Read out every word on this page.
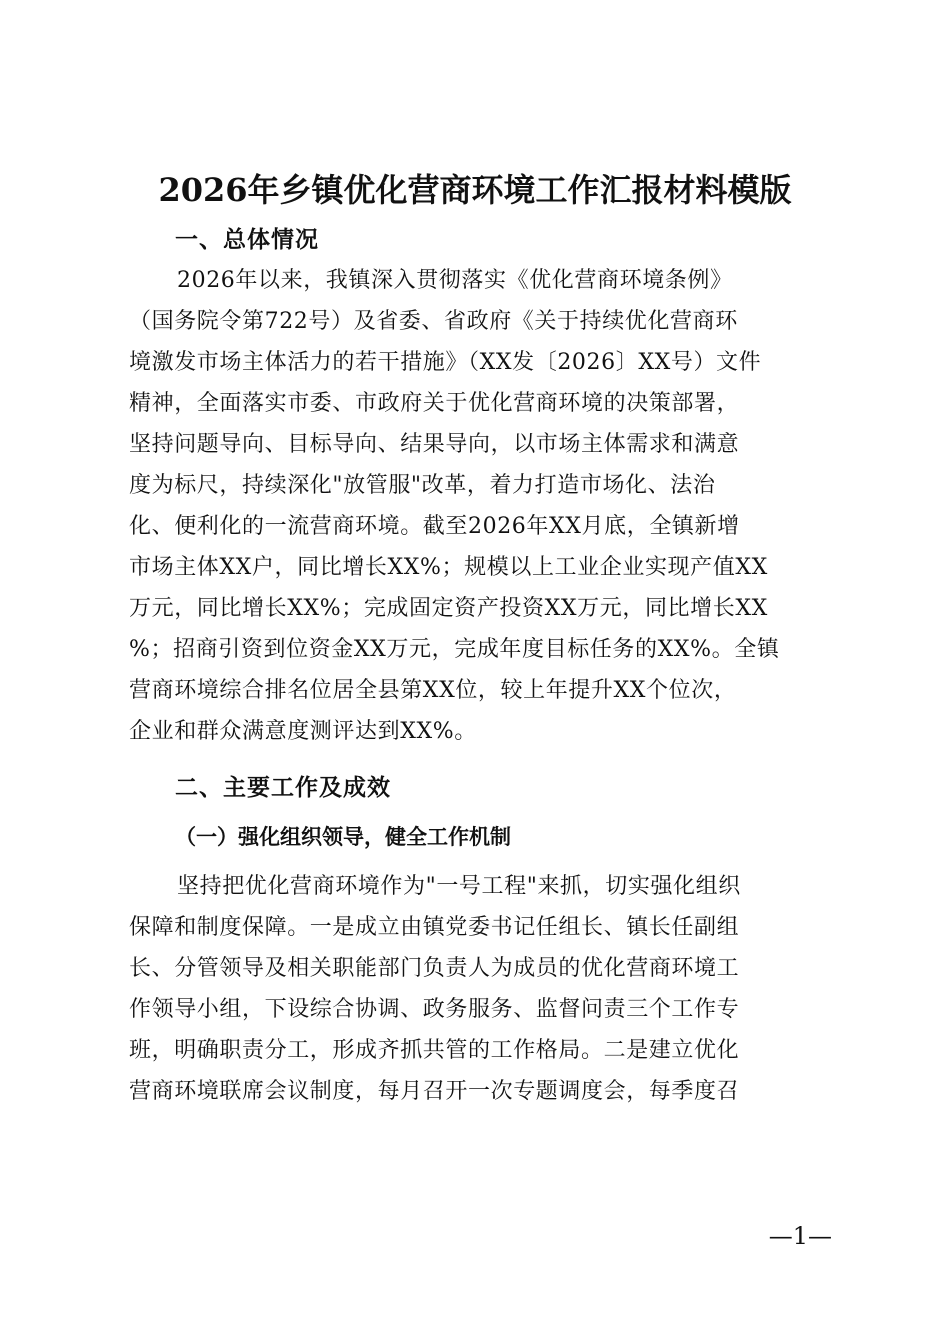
2026年乡镇优化营商环境工作汇报材料模版
一、总体情况

2026年以来，我镇深入贯彻落实《优化营商环境条例》
（国务院令第722号）及省委、省政府《关于持续优化营商环
境激发市场主体活力的若干措施》（XX发〔2026〕XX号）文件
精神，全面落实市委、市政府关于优化营商环境的决策部署，
坚持问题导向、目标导向、结果导向，以市场主体需求和满意
度为标尺，持续深化"放管服"改革，着力打造市场化、法治
化、便利化的一流营商环境。截至2026年XX月底，全镇新增
市场主体XX户，同比增长XX%；规模以上工业企业实现产值XX
万元，同比增长XX%；完成固定资产投资XX万元，同比增长XX
%；招商引资到位资金XX万元，完成年度目标任务的XX%。全镇
营商环境综合排名位居全县第XX位，较上年提升XX个位次，
企业和群众满意度测评达到XX%。

二、主要工作及成效
（一）强化组织领导，健全工作机制

坚持把优化营商环境作为"一号工程"来抓，切实强化组织
保障和制度保障。一是成立由镇党委书记任组长、镇长任副组
长、分管领导及相关职能部门负责人为成员的优化营商环境工
作领导小组，下设综合协调、政务服务、监督问责三个工作专
班，明确职责分工，形成齐抓共管的工作格局。二是建立优化
营商环境联席会议制度，每月召开一次专题调度会，每季度召

—1—
